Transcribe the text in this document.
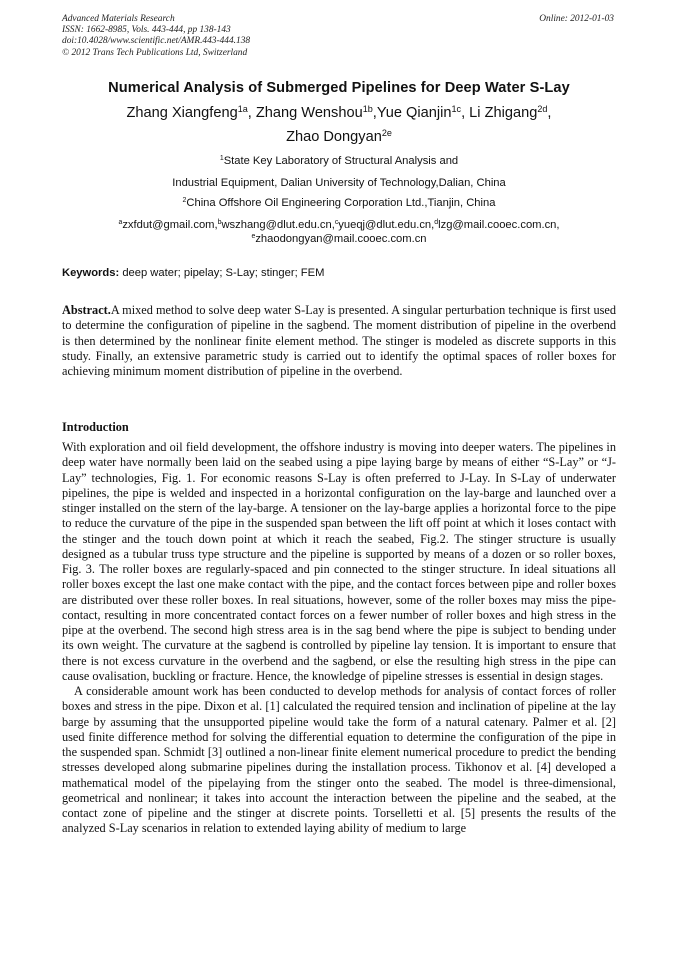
Advanced Materials Research	Online: 2012-01-03
ISSN: 1662-8985, Vols. 443-444, pp 138-143
doi:10.4028/www.scientific.net/AMR.443-444.138
© 2012 Trans Tech Publications Ltd, Switzerland
Numerical Analysis of Submerged Pipelines for Deep Water S-Lay
Zhang Xiangfeng$^{1a}$, Zhang Wenshou$^{1b}$,Yue Qianjin$^{1c}$, Li Zhigang$^{2d}$,
Zhao Dongyan$^{2e}$
$^1$State Key Laboratory of Structural Analysis and
Industrial Equipment, Dalian University of Technology,Dalian, China
$^2$China Offshore Oil Engineering Corporation Ltd.,Tianjin, China
$^a$zxfdut@gmail.com,$^b$wszhang@dlut.edu.cn,$^c$yueqj@dlut.edu.cn,$^d$lzg@mail.cooec.com.cn,
$^e$zhaodongyan@mail.cooec.com.cn
Keywords: deep water; pipelay; S-Lay; stinger; FEM
Abstract.A mixed method to solve deep water S-Lay is presented. A singular perturbation technique is first used to determine the configuration of pipeline in the sagbend. The moment distribution of pipeline in the overbend is then determined by the nonlinear finite element method. The stinger is modeled as discrete supports in this study. Finally, an extensive parametric study is carried out to identify the optimal spaces of roller boxes for achieving minimum moment distribution of pipeline in the overbend.
Introduction

With exploration and oil field development, the offshore industry is moving into deeper waters. The pipelines in deep water have normally been laid on the seabed using a pipe laying barge by means of either “S-Lay” or “J-Lay” technologies, Fig. 1. For economic reasons S-Lay is often preferred to J-Lay. In S-Lay of underwater pipelines, the pipe is welded and inspected in a horizontal configuration on the lay-barge and launched over a stinger installed on the stern of the lay-barge. A tensioner on the lay-barge applies a horizontal force to the pipe to reduce the curvature of the pipe in the suspended span between the lift off point at which it loses contact with the stinger and the touch down point at which it reach the seabed, Fig.2. The stinger structure is usually designed as a tubular truss type structure and the pipeline is supported by means of a dozen or so roller boxes, Fig. 3. The roller boxes are regularly-spaced and pin connected to the stinger structure. In ideal situations all roller boxes except the last one make contact with the pipe, and the contact forces between pipe and roller boxes are distributed over these roller boxes. In real situations, however, some of the roller boxes may miss the pipe-contact, resulting in more concentrated contact forces on a fewer number of roller boxes and high stress in the pipe at the overbend. The second high stress area is in the sag bend where the pipe is subject to bending under its own weight. The curvature at the sagbend is controlled by pipeline lay tension. It is important to ensure that there is not excess curvature in the overbend and the sagbend, or else the resulting high stress in the pipe can cause ovalisation, buckling or fracture. Hence, the knowledge of pipeline stresses is essential in design stages.

A considerable amount work has been conducted to develop methods for analysis of contact forces of roller boxes and stress in the pipe. Dixon et al. [1] calculated the required tension and inclination of pipeline at the lay barge by assuming that the unsupported pipeline would take the form of a natural catenary. Palmer et al. [2] used finite difference method for solving the differential equation to determine the configuration of the pipe in the suspended span. Schmidt [3] outlined a non-linear finite element numerical procedure to predict the bending stresses developed along submarine pipelines during the installation process. Tikhonov et al. [4] developed a mathematical model of the pipelaying from the stinger onto the seabed. The model is three-dimensional, geometrical and nonlinear; it takes into account the interaction between the pipeline and the seabed, at the contact zone of pipeline and the stinger at discrete points. Torselletti et al. [5] presents the results of the analyzed S-Lay scenarios in relation to extended laying ability of medium to large
